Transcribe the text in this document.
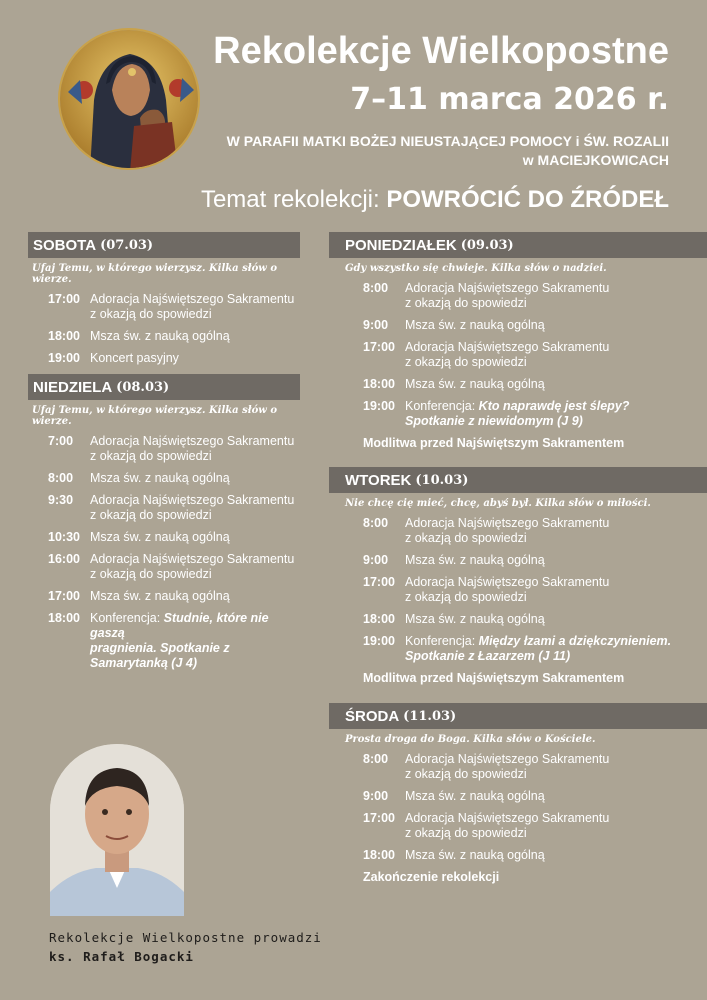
Rekolekcje Wielkopostne
7–11 marca 2026 r.
W PARAFII MATKI BOŻEJ NIEUSTAJĄCEJ POMOCY i ŚW. ROZALII
w MACIEJKOWICACH
Temat rekolekcji: POWRÓCIĆ DO ŹRÓDEŁ
SOBOTA (07.03)
Ufaj Temu, w którego wierzysz. Kilka słów o wierze.
17:00 Adoracja Najświętszego Sakramentu
z okazją do spowiedzi
18:00 Msza św. z nauką ogólną
19:00 Koncert pasyjny
NIEDZIELA (08.03)
Ufaj Temu, w którego wierzysz. Kilka słów o wierze.
7:00	Adoracja Najświętszego Sakramentu
z okazją do spowiedzi
8:00	Msza św. z nauką ogólną
9:30	Adoracja Najświętszego Sakramentu
z okazją do spowiedzi
10:30 Msza św. z nauką ogólną
16:00 Adoracja Najświętszego Sakramentu
z okazją do spowiedzi
17:00 Msza św. z nauką ogólną
18:00 Konferencja: Studnie, które nie gaszą
pragnienia. Spotkanie z Samarytanką (J 4)
PONIEDZIAŁEK (09.03)
Gdy wszystko się chwieje. Kilka słów o nadziei.
8:00	Adoracja Najświętszego Sakramentu
z okazją do spowiedzi
9:00	Msza św. z nauką ogólną
17:00 Adoracja Najświętszego Sakramentu
z okazją do spowiedzi
18:00 Msza św. z nauką ogólną
19:00 Konferencja: Kto naprawdę jest ślepy?
Spotkanie z niewidomym (J 9)
Modlitwa przed Najświętszym Sakramentem
WTOREK (10.03)
Nie chcę cię mieć, chcę, abyś był. Kilka słów o miłości.
8:00	Adoracja Najświętszego Sakramentu
z okazją do spowiedzi
9:00	Msza św. z nauką ogólną
17:00 Adoracja Najświętszego Sakramentu
z okazją do spowiedzi
18:00 Msza św. z nauką ogólną
19:00 Konferencja: Między łzami a dziękczynieniem.
Spotkanie z Łazarzem (J 11)
Modlitwa przed Najświętszym Sakramentem
ŚRODA (11.03)
Prosta droga do Boga. Kilka słów o Kościele.
8:00	Adoracja Najświętszego Sakramentu
z okazją do spowiedzi
9:00	Msza św. z nauką ogólną
17:00 Adoracja Najświętszego Sakramentu
z okazją do spowiedzi
18:00 Msza św. z nauką ogólną
Zakończenie rekolekcji
Rekolekcje Wielkopostne prowadzi
ks. Rafał Bogacki
